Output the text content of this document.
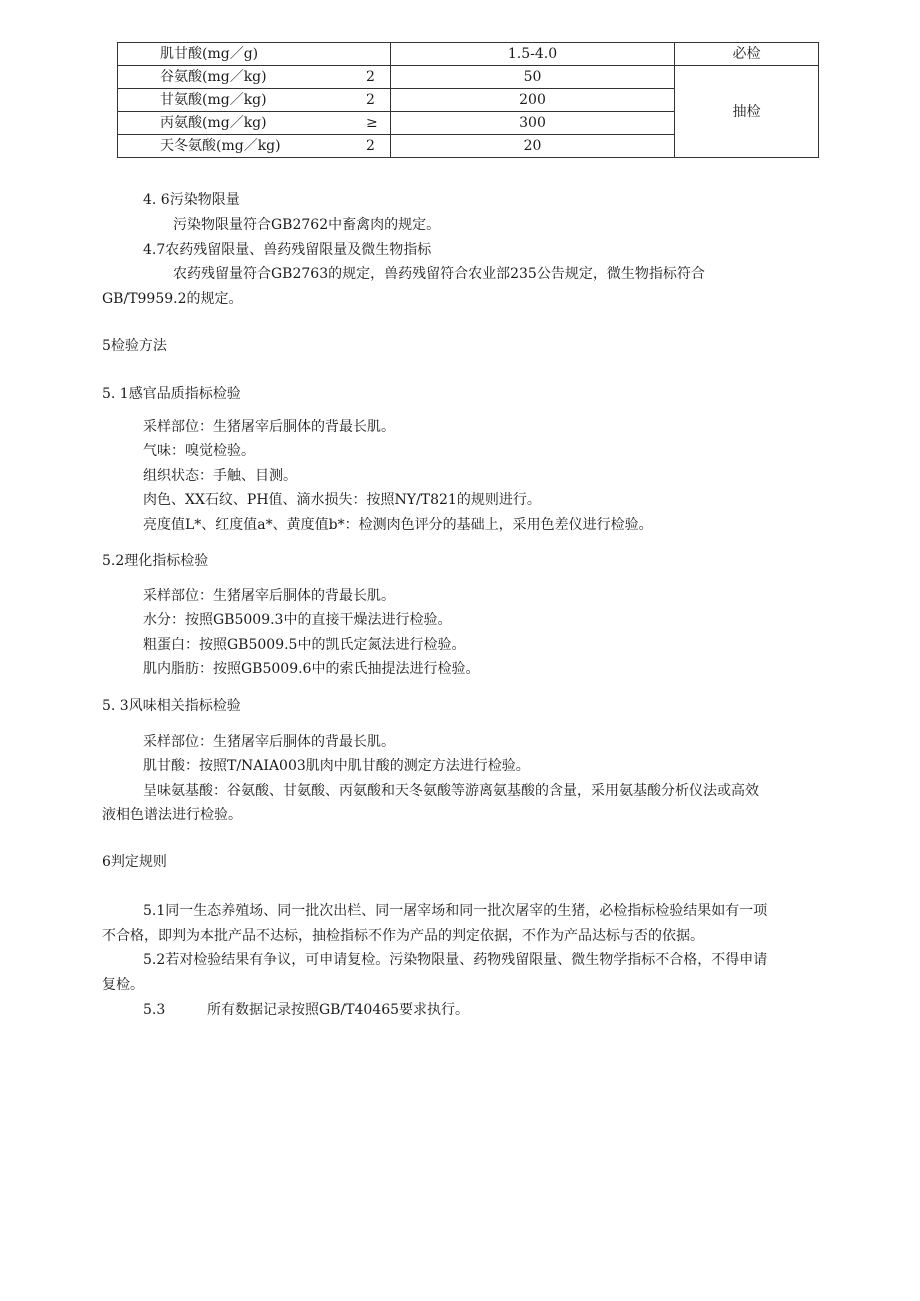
肌甘酸(mg／g)	1.5-4.0	必检

谷氨酸(mg／kg) 2	50	抽检

甘氨酸(mg／kg) 2	200	

丙氨酸(mg／kg) ≥	300	

天冬氨酸(mg／kg) 2	20	
4. 6污染物限量
污染物限量符合GB2762中畜禽肉的规定。
4.7农药残留限量、兽药残留限量及微生物指标
农药残留量符合GB2763的规定，兽药残留符合农业部235公告规定，微生物指标符合
GB/T9959.2的规定。
5检验方法
5. 1感官品质指标检验
采样部位：生猪屠宰后胴体的背最长肌。
气味：嗅觉检验。
组织状态：手触、目测。
肉色、XX石纹、PH值、滴水损失：按照NY/T821的规则进行。
亮度值L*、红度值a*、黄度值b*：检测肉色评分的基础上，采用色差仪进行检验。
5.2理化指标检验
采样部位：生猪屠宰后胴体的背最长肌。
水分：按照GB5009.3中的直接干燥法进行检验。
粗蛋白：按照GB5009.5中的凯氏定氮法进行检验。
肌内脂肪：按照GB5009.6中的索氏抽提法进行检验。
5. 3风味相关指标检验
采样部位：生猪屠宰后胴体的背最长肌。
肌甘酸：按照T/NAIA003肌肉中肌甘酸的测定方法进行检验。
呈味氨基酸：谷氨酸、甘氨酸、丙氨酸和天冬氨酸等游离氨基酸的含量，采用氨基酸分析仪法或高效
液相色谱法进行检验。
6判定规则
5.1同一生态养殖场、同一批次出栏、同一屠宰场和同一批次屠宰的生猪，必检指标检验结果如有一项
不合格，即判为本批产品不达标，抽检指标不作为产品的判定依据，不作为产品达标与否的依据。
5.2若对检验结果有争议，可申请复检。污染物限量、药物残留限量、微生物学指标不合格，不得申请
复检。
5.3	所有数据记录按照GB/T40465要求执行。
